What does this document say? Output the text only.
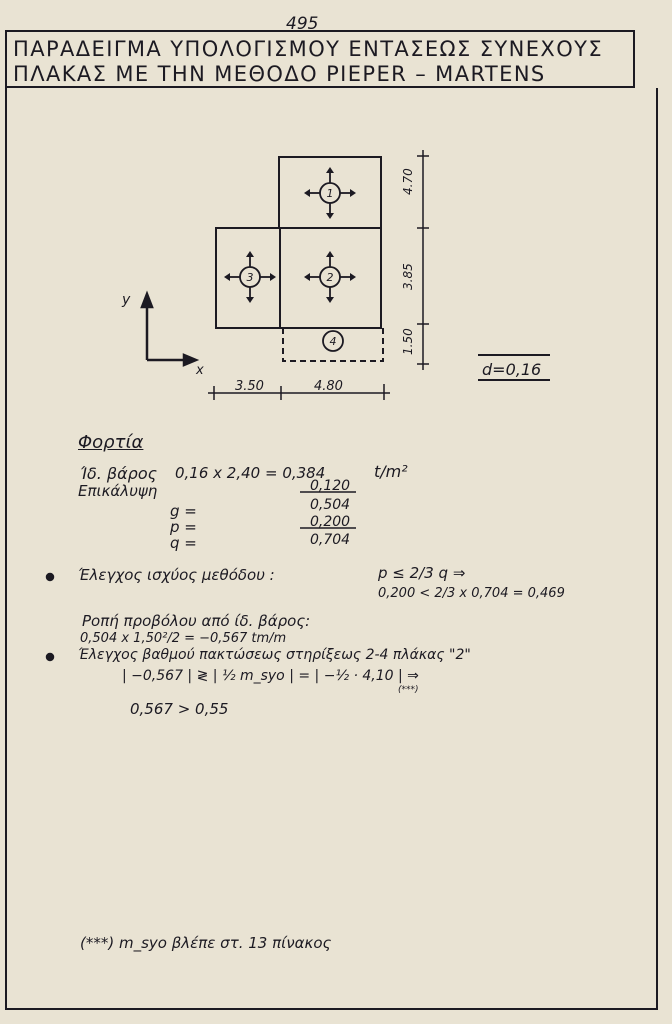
495
ΠΑΡΑΔΕΙΓΜΑ ΥΠΟΛΟΓΙΣΜΟΥ ΕΝΤΑΣΕΩΣ ΣΥΝΕΧΟΥΣ
ΠΛΑΚΑΣ ΜΕ ΤΗΝ ΜΕΘΟΔΟ PIEPER – MARTENS
4.70
3.85
1.50
3.50	4.80
y
x	d=0,16
1
2
3
4
Φορτία
Ίδ. βάρος 0,16 x 2,40 = 0,384	t/m²
Επικάλυψη	0,120
g =	0,504
p =	0,200
q =	0,704
Έλεγχος ισχύος μεθόδου :	p ≤ 2/3 q ⇒
0,200 < 2/3 x 0,704 = 0,469
Ροπή προβόλου από ίδ. βάρος:
0,504 x 1,50²/2 = −0,567 tm/m
Έλεγχος βαθμού πακτώσεως στηρίξεως 2-4 πλάκας "2"
| −0,567 | ≷ | ½ m_syo | = | −½ · 4,10 | ⇒
(***)
0,567 > 0,55
(***) m_syo βλέπε στ. 13 πίνακος
